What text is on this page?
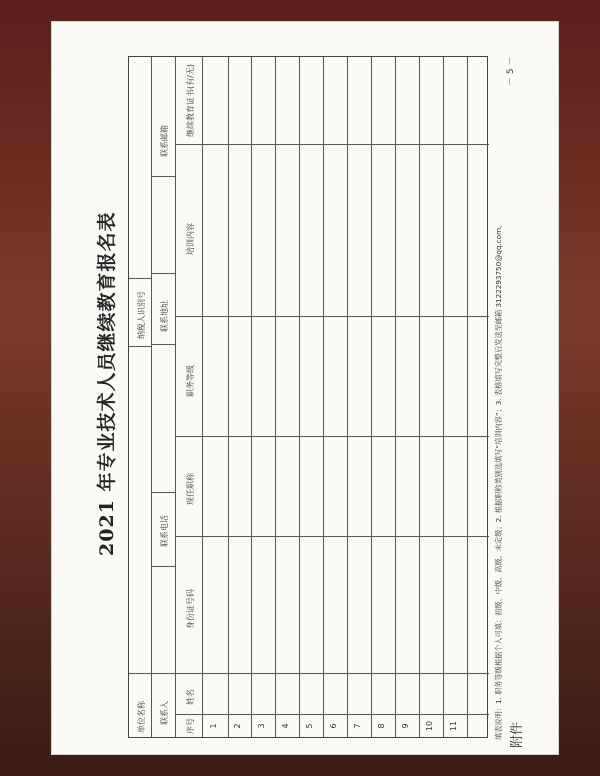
附件
2021 年专业技术人员继续教育报名表
单位名称
纳税人识别号
联系人
联系电话
联系地址
联系邮箱
序号
姓名
身份证号码
现任职称
职务等级
培训内容
继续教育证书(有/无)
1 2 3 4 5 6 7 8 9 10 11	填表说明：1. 职务等级根据个人可填：初级、中级、高级、未定级；2. 根据职称类别选填写“培训内容”；3. 表格填写完整后发送至邮箱 3122293750@qq.com。
－ 5 －
